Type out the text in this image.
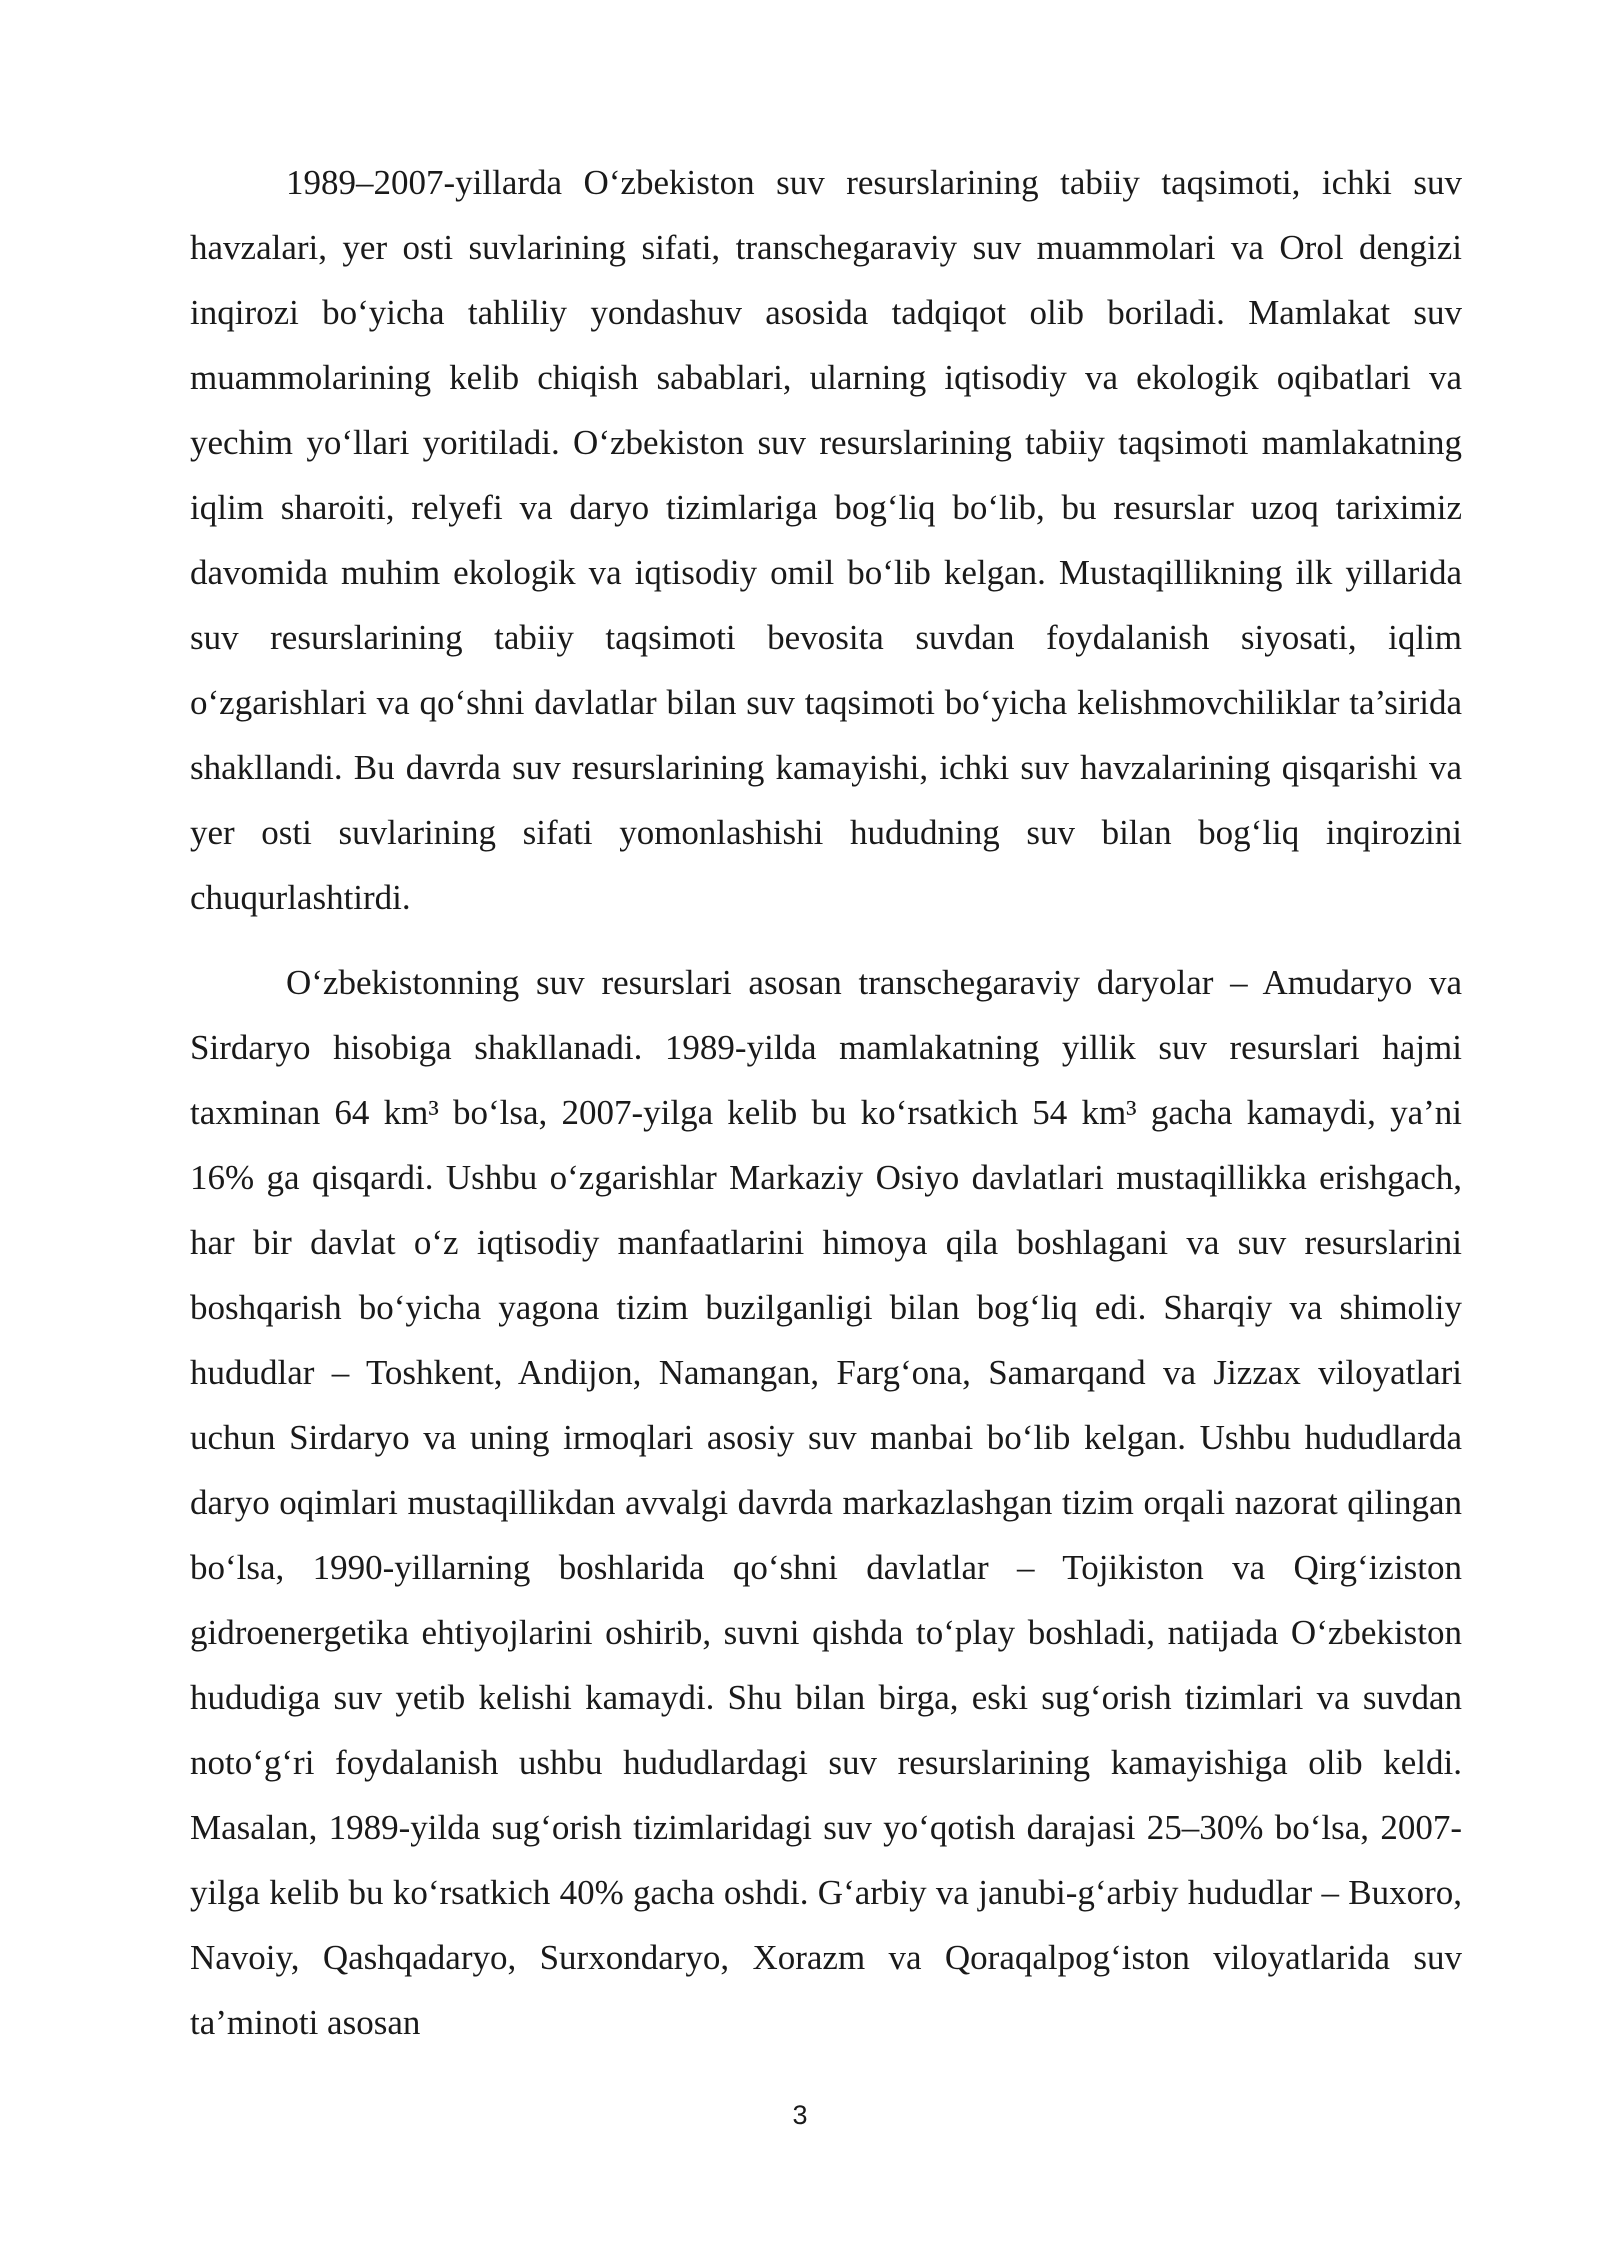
1989–2007-yillarda O‘zbekiston suv resurslarining tabiiy taqsimoti, ichki suv havzalari, yer osti suvlarining sifati, transchegaraviy suv muammolari va Orol dengizi inqirozi bo‘yicha tahliliy yondashuv asosida tadqiqot olib boriladi. Mamlakat suv muammolarining kelib chiqish sabablari, ularning iqtisodiy va ekologik oqibatlari va yechim yo‘llari yoritiladi. O‘zbekiston suv resurslarining tabiiy taqsimoti mamlakatning iqlim sharoiti, relyefi va daryo tizimlariga bog‘liq bo‘lib, bu resurslar uzoq tariximiz davomida muhim ekologik va iqtisodiy omil bo‘lib kelgan. Mustaqillikning ilk yillarida suv resurslarining tabiiy taqsimoti bevosita suvdan foydalanish siyosati, iqlim o‘zgarishlari va qo‘shni davlatlar bilan suv taqsimoti bo‘yicha kelishmovchiliklar ta’sirida shakllandi. Bu davrda suv resurslarining kamayishi, ichki suv havzalarining qisqarishi va yer osti suvlarining sifati yomonlashishi hududning suv bilan bog‘liq inqirozini chuqurlashtirdi.

O‘zbekistonning suv resurslari asosan transchegaraviy daryolar – Amudaryo va Sirdaryo hisobiga shakllanadi. 1989-yilda mamlakatning yillik suv resurslari hajmi taxminan 64 km³ bo‘lsa, 2007-yilga kelib bu ko‘rsatkich 54 km³ gacha kamaydi, ya’ni 16% ga qisqardi. Ushbu o‘zgarishlar Markaziy Osiyo davlatlari mustaqillikka erishgach, har bir davlat o‘z iqtisodiy manfaatlarini himoya qila boshlagani va suv resurslarini boshqarish bo‘yicha yagona tizim buzilganligi bilan bog‘liq edi. Sharqiy va shimoliy hududlar – Toshkent, Andijon, Namangan, Farg‘ona, Samarqand va Jizzax viloyatlari uchun Sirdaryo va uning irmoqlari asosiy suv manbai bo‘lib kelgan. Ushbu hududlarda daryo oqimlari mustaqillikdan avvalgi davrda markazlashgan tizim orqali nazorat qilingan bo‘lsa, 1990-yillarning boshlarida qo‘shni davlatlar – Tojikiston va Qirg‘iziston gidroenergetika ehtiyojlarini oshirib, suvni qishda to‘play boshladi, natijada O‘zbekiston hududiga suv yetib kelishi kamaydi. Shu bilan birga, eski sug‘orish tizimlari va suvdan noto‘g‘ri foydalanish ushbu hududlardagi suv resurslarining kamayishiga olib keldi. Masalan, 1989-yilda sug‘orish tizimlaridagi suv yo‘qotish darajasi 25–30% bo‘lsa, 2007-yilga kelib bu ko‘rsatkich 40% gacha oshdi. G‘arbiy va janubi-g‘arbiy hududlar – Buxoro, Navoiy, Qashqadaryo, Surxondaryo, Xorazm va Qoraqalpog‘iston viloyatlarida suv ta’minoti asosan

3
